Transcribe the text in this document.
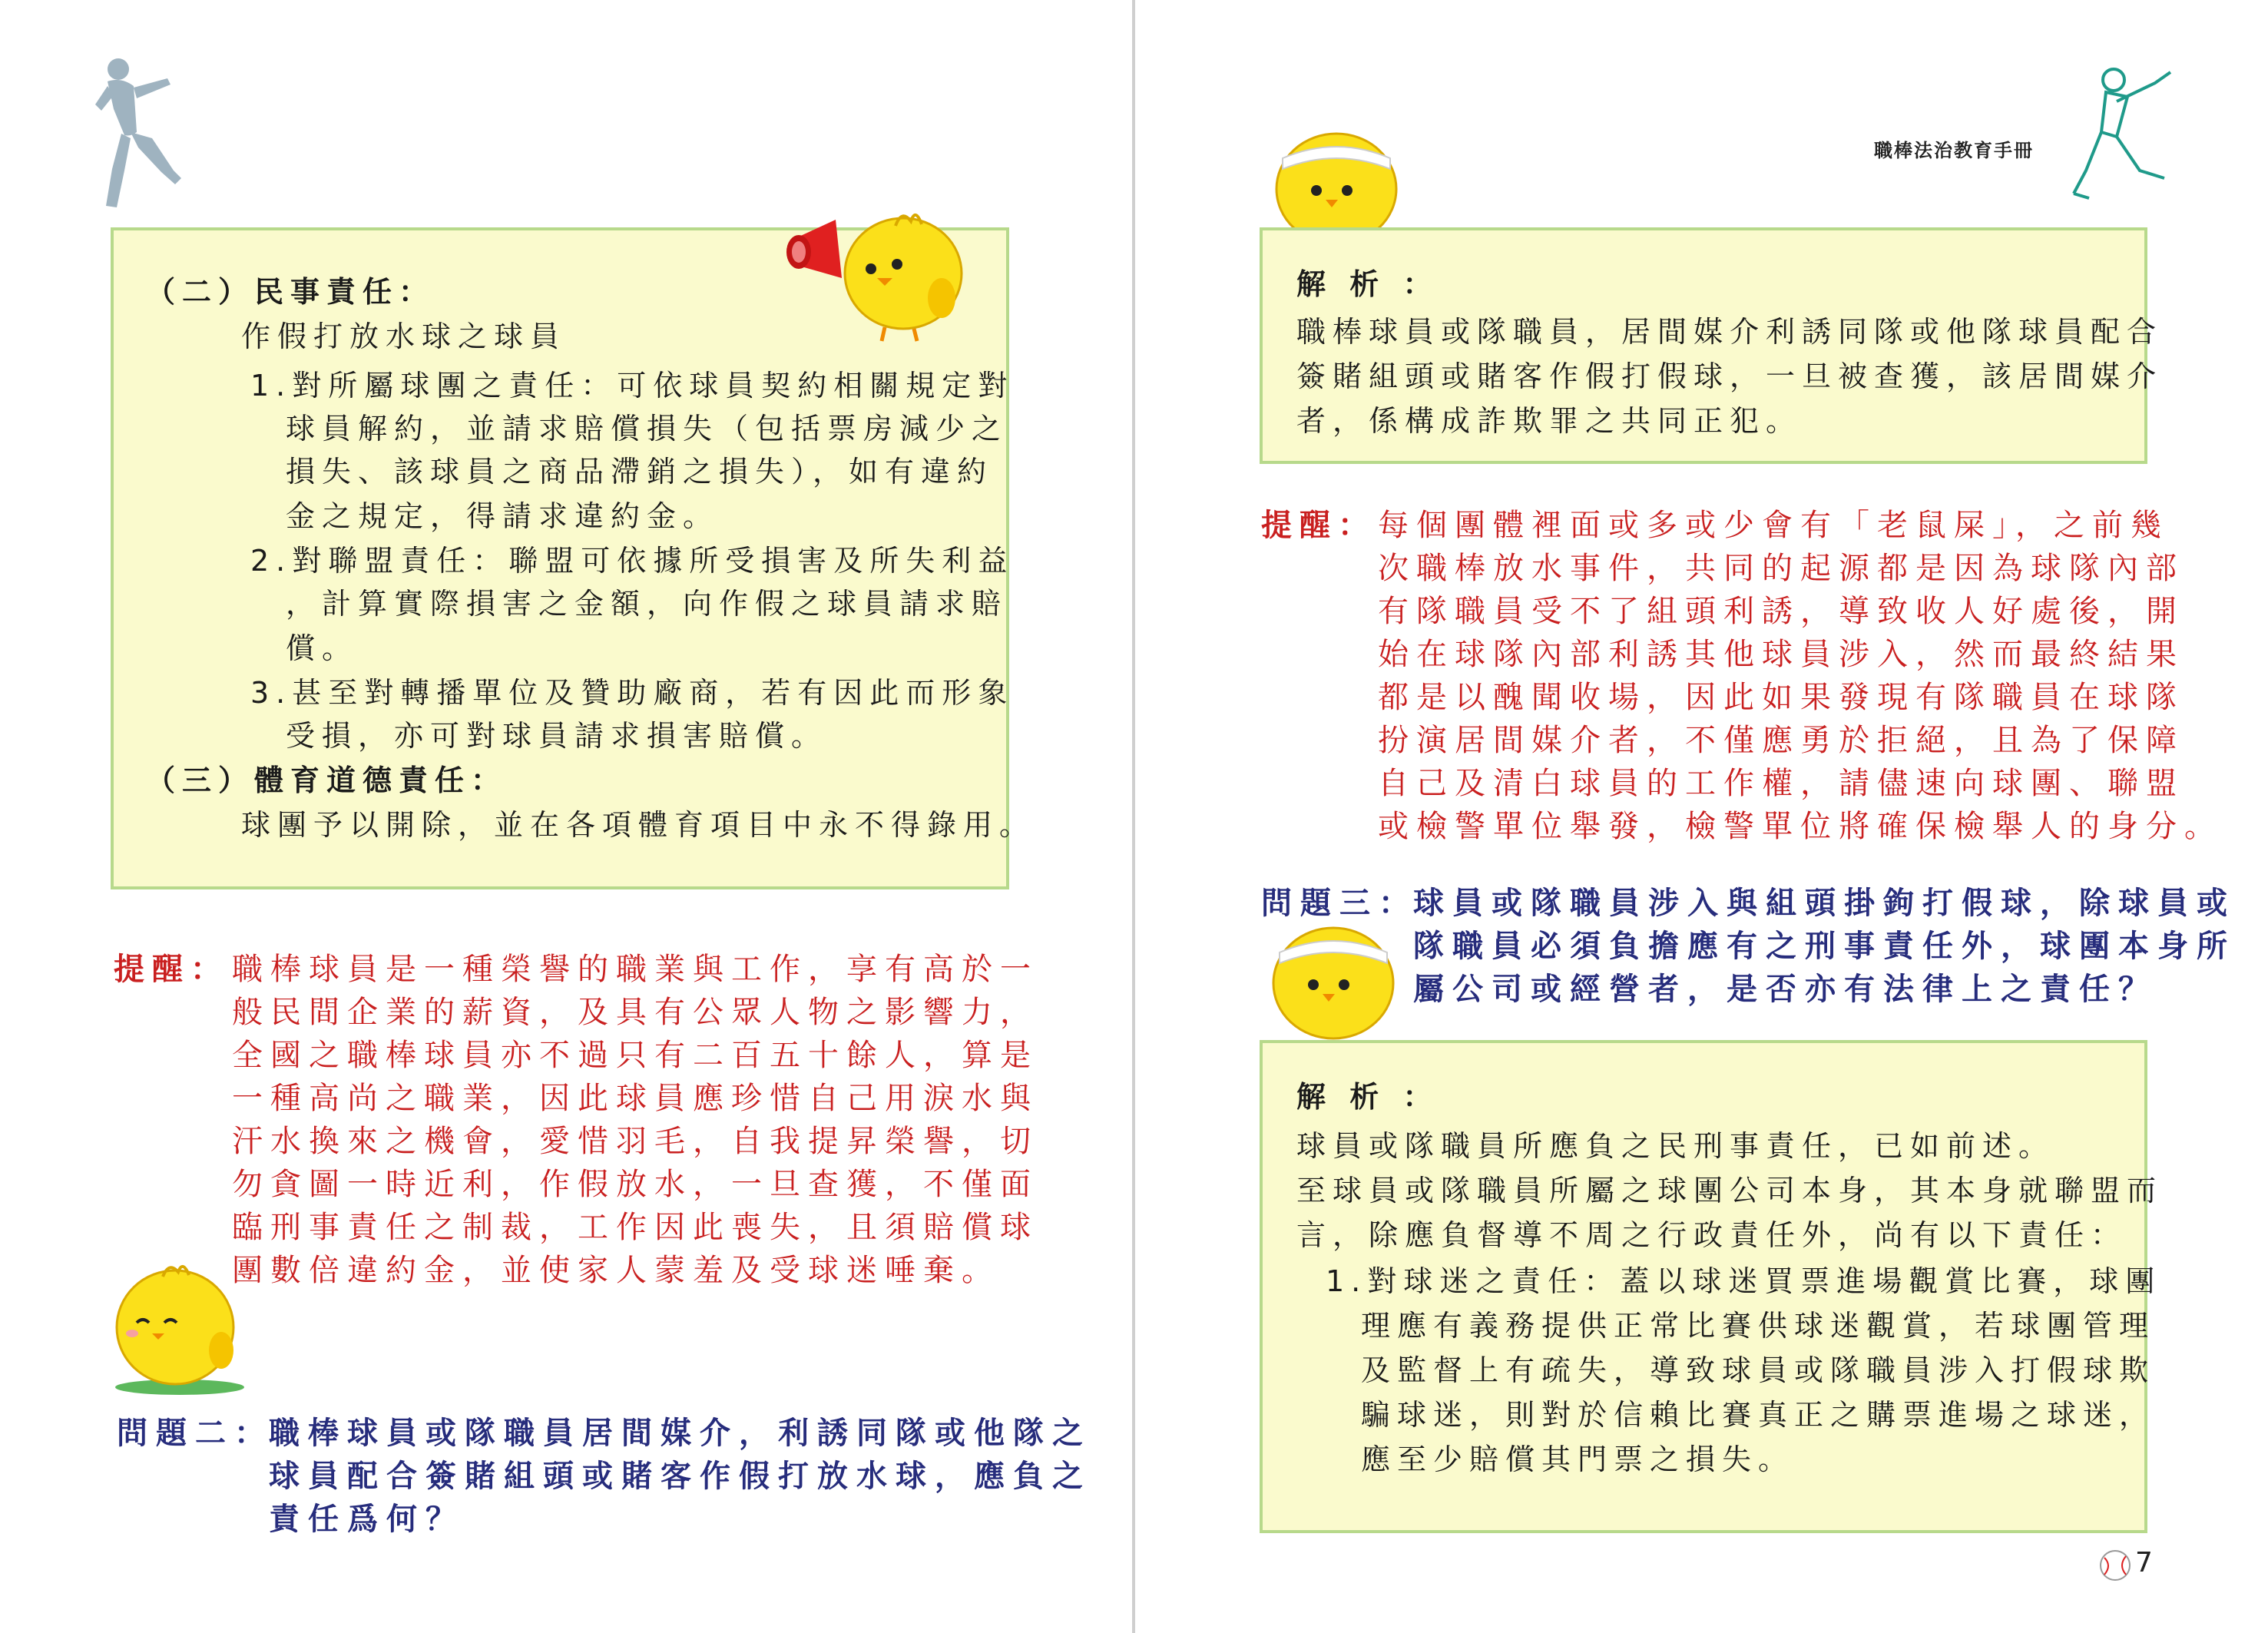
（二）民事責任：
作假打放水球之球員
1.對所屬球團之責任：可依球員契約相關規定對
球員解約，並請求賠償損失（包括票房減少之
損失、該球員之商品滯銷之損失），如有違約
金之規定，得請求違約金。
2.對聯盟責任：聯盟可依據所受損害及所失利益
，計算實際損害之金額，向作假之球員請求賠
償。
3.甚至對轉播單位及贊助廠商，若有因此而形象
受損，亦可對球員請求損害賠償。
（三）體育道德責任：
球團予以開除，並在各項體育項目中永不得錄用。
提醒： 職棒球員是一種榮譽的職業與工作，享有高於一
般民間企業的薪資，及具有公眾人物之影響力，
全國之職棒球員亦不過只有二百五十餘人，算是
一種高尚之職業，因此球員應珍惜自己用淚水與
汗水換來之機會，愛惜羽毛，自我提昇榮譽，切
勿貪圖一時近利，作假放水，一旦查獲，不僅面
臨刑事責任之制裁，工作因此喪失，且須賠償球
團數倍違約金，並使家人蒙羞及受球迷唾棄。
問題二：
職棒球員或隊職員居間媒介，利誘同隊或他隊之
球員配合簽賭組頭或賭客作假打放水球，應負之
責任爲何？
職棒法治教育手冊
解 析 ：
職棒球員或隊職員，居間媒介利誘同隊或他隊球員配合
簽賭組頭或賭客作假打假球，一旦被查獲，該居間媒介
者，係構成詐欺罪之共同正犯。
提醒： 每個團體裡面或多或少會有「老鼠屎」，之前幾
次職棒放水事件，共同的起源都是因為球隊內部
有隊職員受不了組頭利誘，導致收人好處後，開
始在球隊內部利誘其他球員涉入，然而最終結果
都是以醜聞收場，因此如果發現有隊職員在球隊
扮演居間媒介者，不僅應勇於拒絕，且為了保障
自己及清白球員的工作權，請儘速向球團、聯盟
或檢警單位舉發，檢警單位將確保檢舉人的身分。
問題三：
球員或隊職員涉入與組頭掛鉤打假球，除球員或
隊職員必須負擔應有之刑事責任外，球團本身所
屬公司或經營者，是否亦有法律上之責任？
解 析 ：
球員或隊職員所應負之民刑事責任，已如前述。
至球員或隊職員所屬之球團公司本身，其本身就聯盟而
言，除應負督導不周之行政責任外，尚有以下責任：
1.對球迷之責任：蓋以球迷買票進場觀賞比賽，球團
理應有義務提供正常比賽供球迷觀賞，若球團管理
及監督上有疏失，導致球員或隊職員涉入打假球欺
騙球迷，則對於信賴比賽真正之購票進場之球迷，
應至少賠償其門票之損失。
7
